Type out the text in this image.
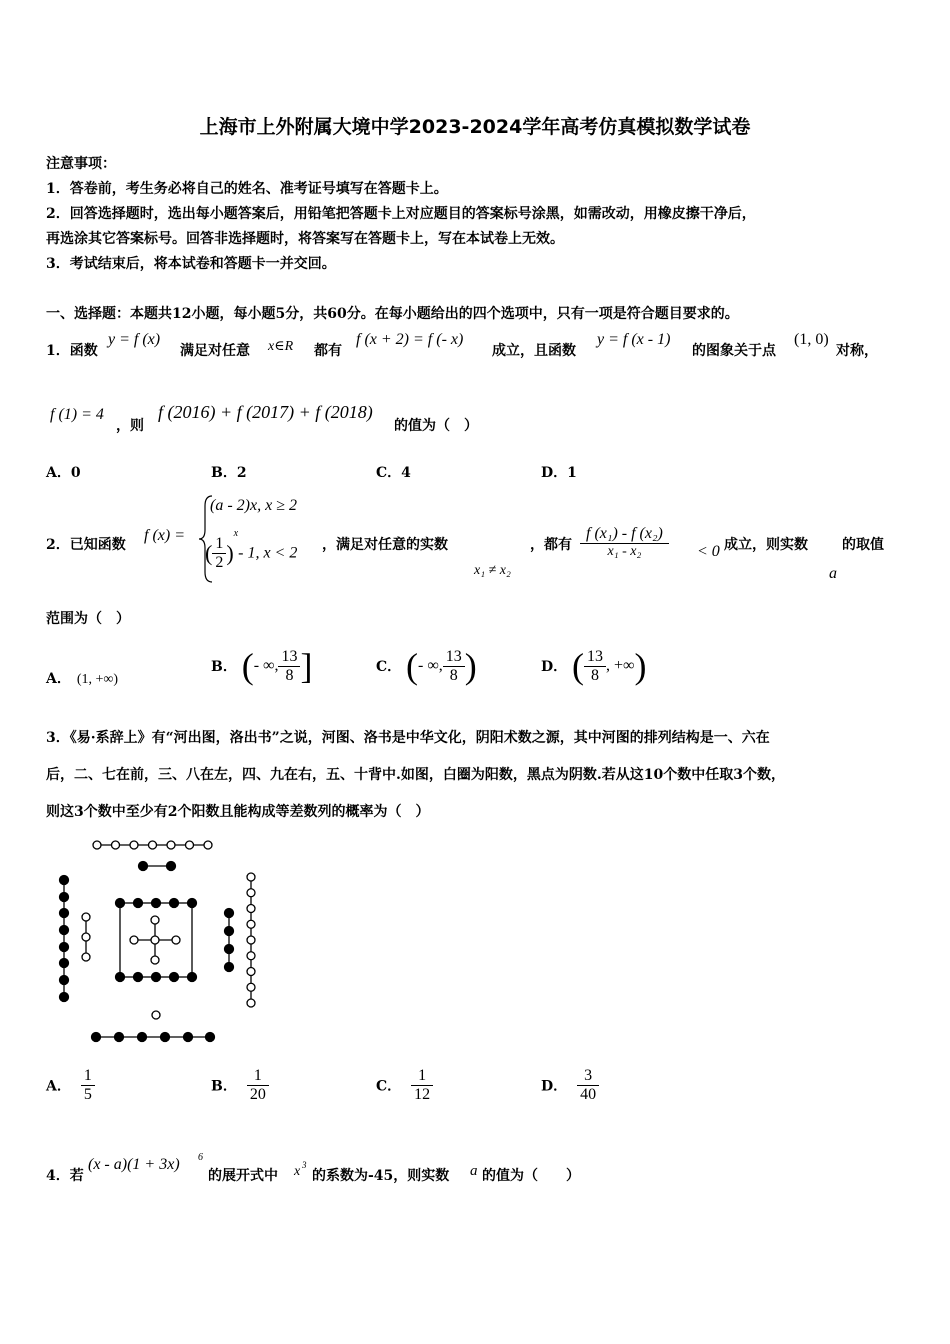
上海市上外附属大境中学2023-2024学年高考仿真模拟数学试卷
注意事项：
1．答卷前，考生务必将自己的姓名、准考证号填写在答题卡上。
2．回答选择题时，选出每小题答案后，用铅笔把答题卡上对应题目的答案标号涂黑，如需改动，用橡皮擦干净后，
再选涂其它答案标号。回答非选择题时，将答案写在答题卡上，写在本试卷上无效。
3．考试结束后，将本试卷和答题卡一并交回。
一、选择题：本题共12小题，每小题5分，共60分。在每小题给出的四个选项中，只有一项是符合题目要求的。
1．函数
y = f (x)
满足对任意 x∈R 都有
f (x + 2) = f (- x)
成立，且函数
y = f (x - 1)
的图象关于点
(1, 0)
对称，
f (1) = 4
，则
f (2016) + f (2017) + f (2018)
的值为（　）
A．0	B．2	C．4	D．1
2．已知函数
f (x) =
(a - 2)x, x ≥ 2
( $\frac{1}{2} )^x-$ 1, x < 2 ，满足对任意的实数
x₁ ≠ x₂
，都有 $\frac{\text{f (x₁) - f (x₂)}}{\text{x₁ - x₂}} < 0$ 成立，则实数
a
的取值
范围为（　）
A． (1, +∞)
B． (- ∞, $\frac{13}{8}$ ]	C． (- ∞, $\frac{13}{8}$ )	D． ( $\frac{13}{8}$ , +∞)
3．《易·系辞上》有“河出图，洛出书”之说，河图、洛书是中华文化，阴阳术数之源，其中河图的排列结构是一、六在
后，二、七在前，三、八在左，四、九在右，五、十背中.如图，白圈为阳数，黑点为阴数.若从这10个数中任取3个数，
则这3个数中至少有2个阳数且能构成等差数列的概率为（　）
A． $\frac{1}{5}$	B． $\frac{1}{20}$	C． $\frac{1}{12}$	D． $\frac{3}{40}$
4．若
(x - a)(1 + 3x) 6
的展开式中 x 3
的系数为-45，则实数 a 的值为（　　）
